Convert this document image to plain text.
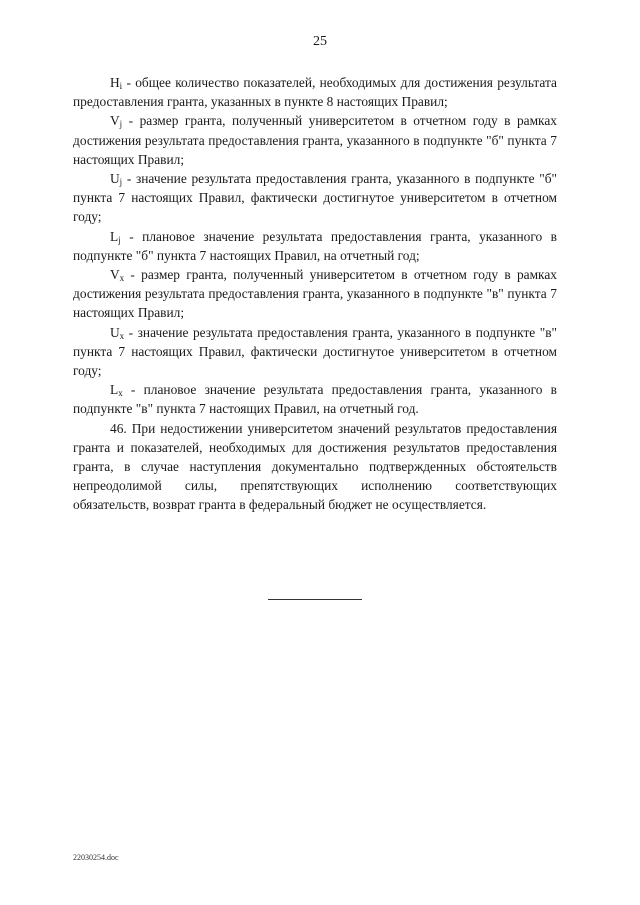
25

$H_i$ - общее количество показателей, необходимых для достижения результата предоставления гранта, указанных в пункте 8 настоящих Правил;

$V_j$ - размер гранта, полученный университетом в отчетном году в рамках достижения результата предоставления гранта, указанного в подпункте "б" пункта 7 настоящих Правил;

$U_j$ - значение результата предоставления гранта, указанного в подпункте "б" пункта 7 настоящих Правил, фактически достигнутое университетом в отчетном году;

$L_j$ - плановое значение результата предоставления гранта, указанного в подпункте "б" пункта 7 настоящих Правил, на отчетный год;

$V_x$ - размер гранта, полученный университетом в отчетном году в рамках достижения результата предоставления гранта, указанного в подпункте "в" пункта 7 настоящих Правил;

$U_x$ - значение результата предоставления гранта, указанного в подпункте "в" пункта 7 настоящих Правил, фактически достигнутое университетом в отчетном году;

$L_x$ - плановое значение результата предоставления гранта, указанного в подпункте "в" пункта 7 настоящих Правил, на отчетный год.

46. При недостижении университетом значений результатов предоставления гранта и показателей, необходимых для достижения результатов предоставления гранта, в случае наступления документально подтвержденных обстоятельств непреодолимой силы, препятствующих исполнению соответствующих обязательств, возврат гранта в федеральный бюджет не осуществляется.

22030254.doc
